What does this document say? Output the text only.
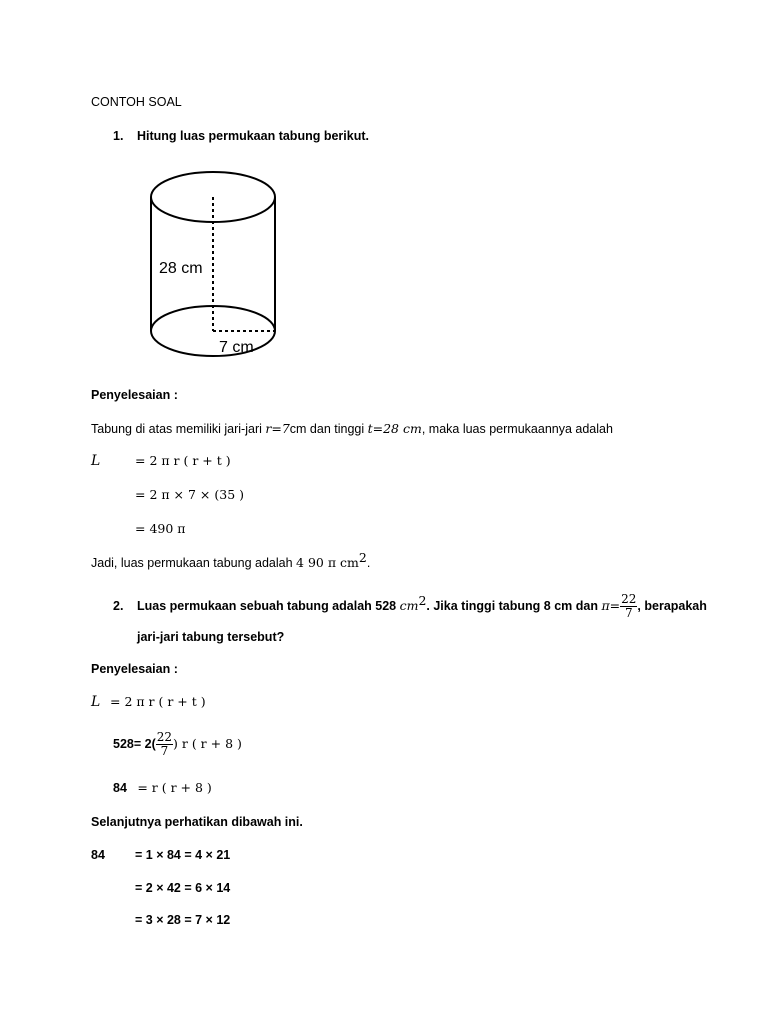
CONTOH SOAL
1. Hitung luas permukaan tabung berikut.
28 cm
7 cm
Penyelesaian :
Tabung di atas memiliki jari-jari r=7cm dan tinggi t=28 cm, maka luas permukaannya adalah
L	= 2 π r ( r + t )
= 2 π × 7 × (35 )
= 490 π
Jadi, luas permukaan tabung adalah 4 90 π $cm^2$.
2. Luas permukaan sebuah tabung adalah 528 $cm^2$. Jika tinggi tabung 8 cm dan $\pi= \frac{22}{7}$ , berapakah
jari-jari tabung tersebut?
Penyelesaian :
L = 2 π r ( r + t )
$528= 2( \frac{22}{7}$ ) r ( r + 8 )
84 = r ( r + 8 )
Selanjutnya perhatikan dibawah ini.
84 = 1 × 84 = 4 × 21
= 2 × 42 = 6 × 14
= 3 × 28 = 7 × 12
